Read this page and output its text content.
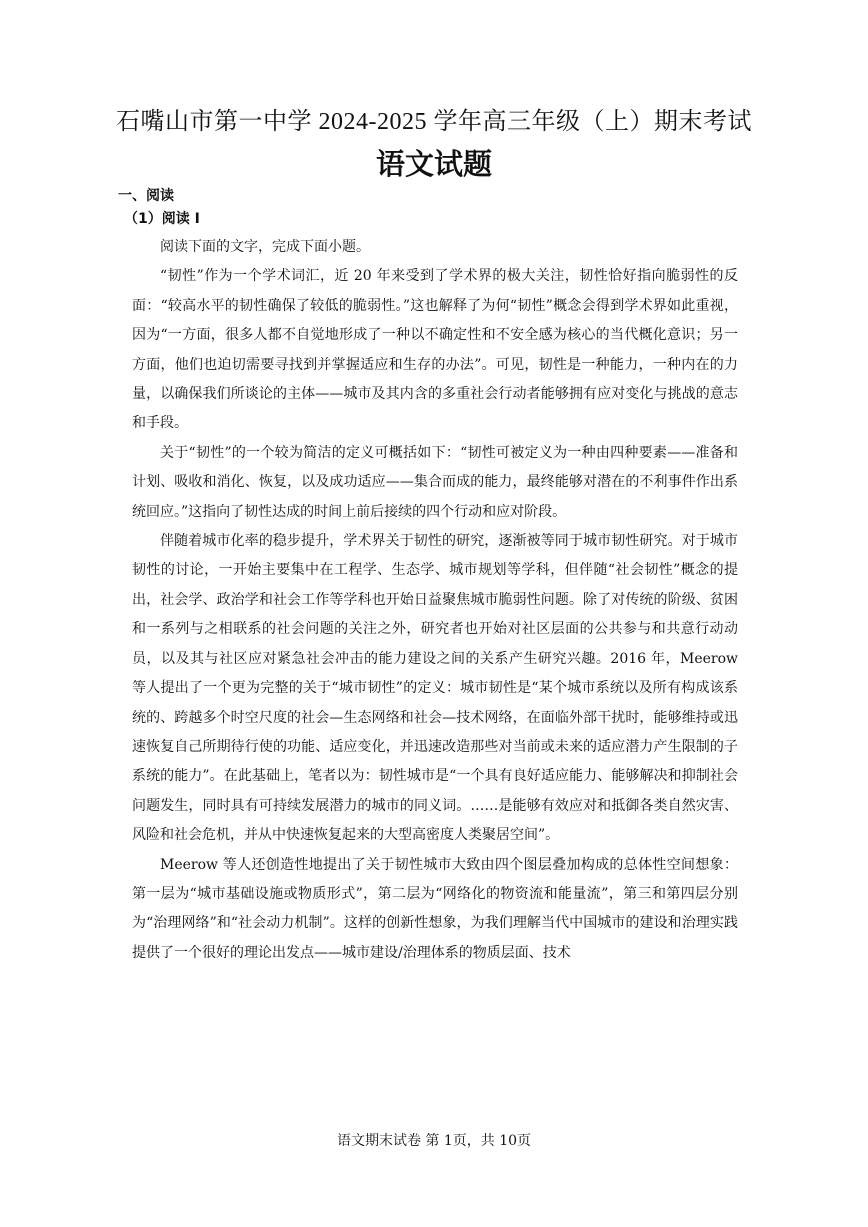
石嘴山市第一中学 2024-2025 学年高三年级（上）期末考试
语文试题
一、阅读
（1）阅读 I

阅读下面的文字，完成下面小题。

“韧性”作为一个学术词汇，近 20 年来受到了学术界的极大关注，韧性恰好指向脆弱性的反面：“较高水平的韧性确保了较低的脆弱性。”这也解释了为何“韧性”概念会得到学术界如此重视，因为“一方面，很多人都不自觉地形成了一种以不确定性和不安全感为核心的当代概化意识；另一方面，他们也迫切需要寻找到并掌握适应和生存的办法”。可见，韧性是一种能力，一种内在的力量，以确保我们所谈论的主体——城市及其内含的多重社会行动者能够拥有应对变化与挑战的意志和手段。

关于“韧性”的一个较为简洁的定义可概括如下：“韧性可被定义为一种由四种要素——准备和计划、吸收和消化、恢复，以及成功适应——集合而成的能力，最终能够对潜在的不利事件作出系统回应。”这指向了韧性达成的时间上前后接续的四个行动和应对阶段。

伴随着城市化率的稳步提升，学术界关于韧性的研究，逐渐被等同于城市韧性研究。对于城市韧性的讨论，一开始主要集中在工程学、生态学、城市规划等学科，但伴随“社会韧性”概念的提出，社会学、政治学和社会工作等学科也开始日益聚焦城市脆弱性问题。除了对传统的阶级、贫困和一系列与之相联系的社会问题的关注之外，研究者也开始对社区层面的公共参与和共意行动动员，以及其与社区应对紧急社会冲击的能力建设之间的关系产生研究兴趣。2016 年，Meerow 等人提出了一个更为完整的关于“城市韧性”的定义：城市韧性是“某个城市系统以及所有构成该系统的、跨越多个时空尺度的社会—生态网络和社会—技术网络，在面临外部干扰时，能够维持或迅速恢复自己所期待行使的功能、适应变化，并迅速改造那些对当前或未来的适应潜力产生限制的子系统的能力”。在此基础上，笔者以为：韧性城市是“一个具有良好适应能力、能够解决和抑制社会问题发生，同时具有可持续发展潜力的城市的同义词。……是能够有效应对和抵御各类自然灾害、风险和社会危机，并从中快速恢复起来的大型高密度人类聚居空间”。

Meerow 等人还创造性地提出了关于韧性城市大致由四个图层叠加构成的总体性空间想象：第一层为“城市基础设施或物质形式”，第二层为“网络化的物资流和能量流”，第三和第四层分别为“治理网络”和“社会动力机制”。这样的创新性想象，为我们理解当代中国城市的建设和治理实践提供了一个很好的理论出发点——城市建设/治理体系的物质层面、技术

语文期末试卷 第 1页，共 10页
